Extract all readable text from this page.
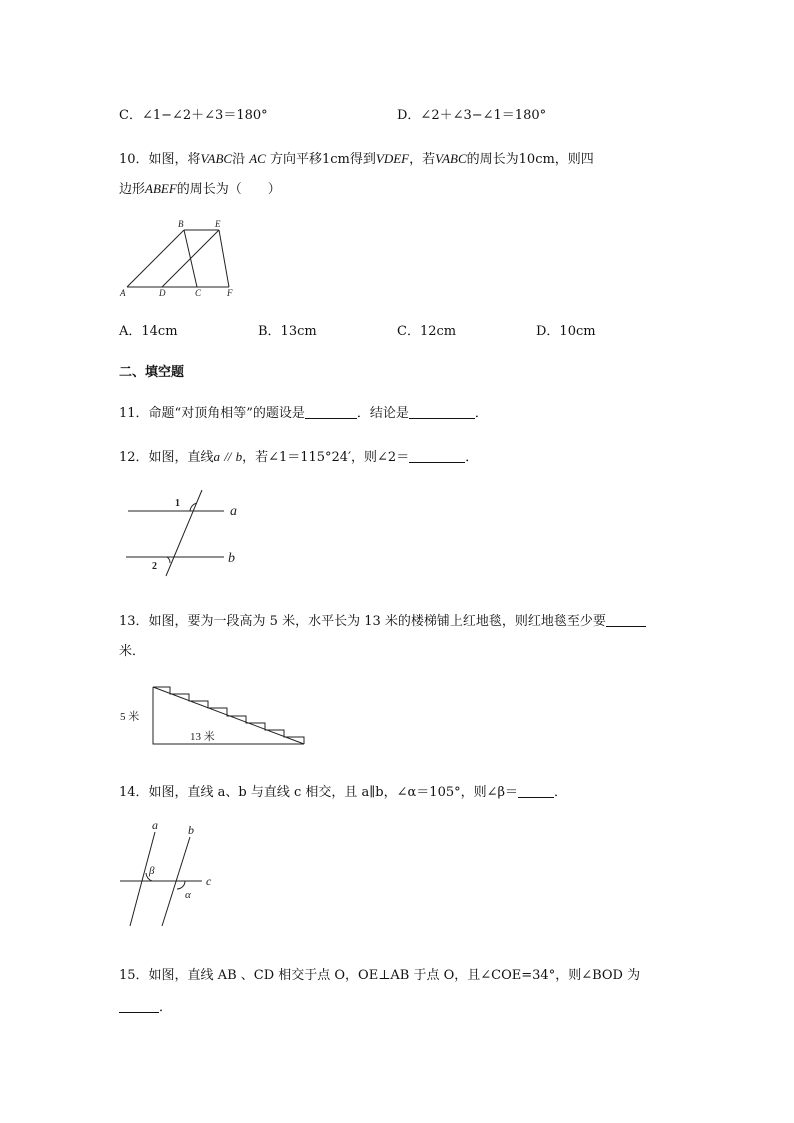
C．∠1−∠2＋∠3＝180°	D．∠2＋∠3−∠1＝180°
10．如图，将VABC沿 AC 方向平移1cm得到VDEF，若VABC的周长为10cm，则四
边形ABEF的周长为（　　）
A	D	C	F
B	E
A．14cm	B．13cm	C．12cm	D．10cm
二、填空题
11．命题“对顶角相等”的题设是	．结论是	．
12．如图，直线a // b，若∠1＝115°24′，则∠2＝	．
1
2
a
b
13．如图，要为一段高为 5 米，水平长为 13 米的楼梯铺上红地毯，则红地毯至少要
米．
5 米
13 米
14．如图，直线 a、b 与直线 c 相交，且 a∥b，∠α＝105°，则∠β＝	．
a	b
c
β
α
15．如图，直线 AB 、CD 相交于点 O，OE⊥AB 于点 O，且∠COE=34°，则∠BOD 为
．
